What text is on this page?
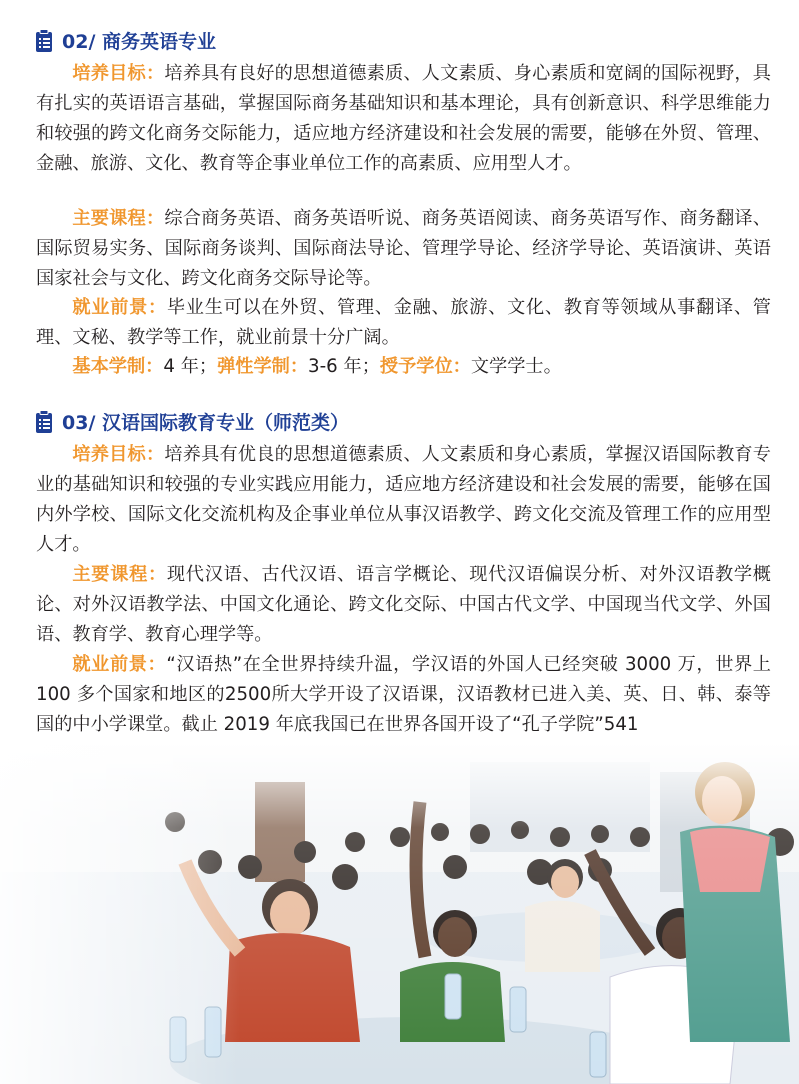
02/ 商务英语专业

培养目标：培养具有良好的思想道德素质、人文素质、身心素质和宽阔的国际视野，具有扎实的英语语言基础，掌握国际商务基础知识和基本理论，具有创新意识、科学思维能力和较强的跨文化商务交际能力，适应地方经济建设和社会发展的需要，能够在外贸、管理、金融、旅游、文化、教育等企事业单位工作的高素质、应用型人才。

主要课程：综合商务英语、商务英语听说、商务英语阅读、商务英语写作、商务翻译、国际贸易实务、国际商务谈判、国际商法导论、管理学导论、经济学导论、英语演讲、英语国家社会与文化、跨文化商务交际导论等。

就业前景：毕业生可以在外贸、管理、金融、旅游、文化、教育等领域从事翻译、管理、文秘、教学等工作，就业前景十分广阔。

基本学制：4 年；弹性学制：3-6 年；授予学位：文学学士。

03/ 汉语国际教育专业（师范类）

培养目标：培养具有优良的思想道德素质、人文素质和身心素质，掌握汉语国际教育专业的基础知识和较强的专业实践应用能力，适应地方经济建设和社会发展的需要，能够在国内外学校、国际文化交流机构及企事业单位从事汉语教学、跨文化交流及管理工作的应用型人才。

主要课程：现代汉语、古代汉语、语言学概论、现代汉语偏误分析、对外汉语教学概论、对外汉语教学法、中国文化通论、跨文化交际、中国古代文学、中国现当代文学、外国语、教育学、教育心理学等。

就业前景：“汉语热”在全世界持续升温，学汉语的外国人已经突破 3000 万，世界上 100 多个国家和地区的2500所大学开设了汉语课，汉语教材已进入美、英、日、韩、泰等国的中小学课堂。截止 2019 年底我国已在世界各国开设了“孔子学院”541
